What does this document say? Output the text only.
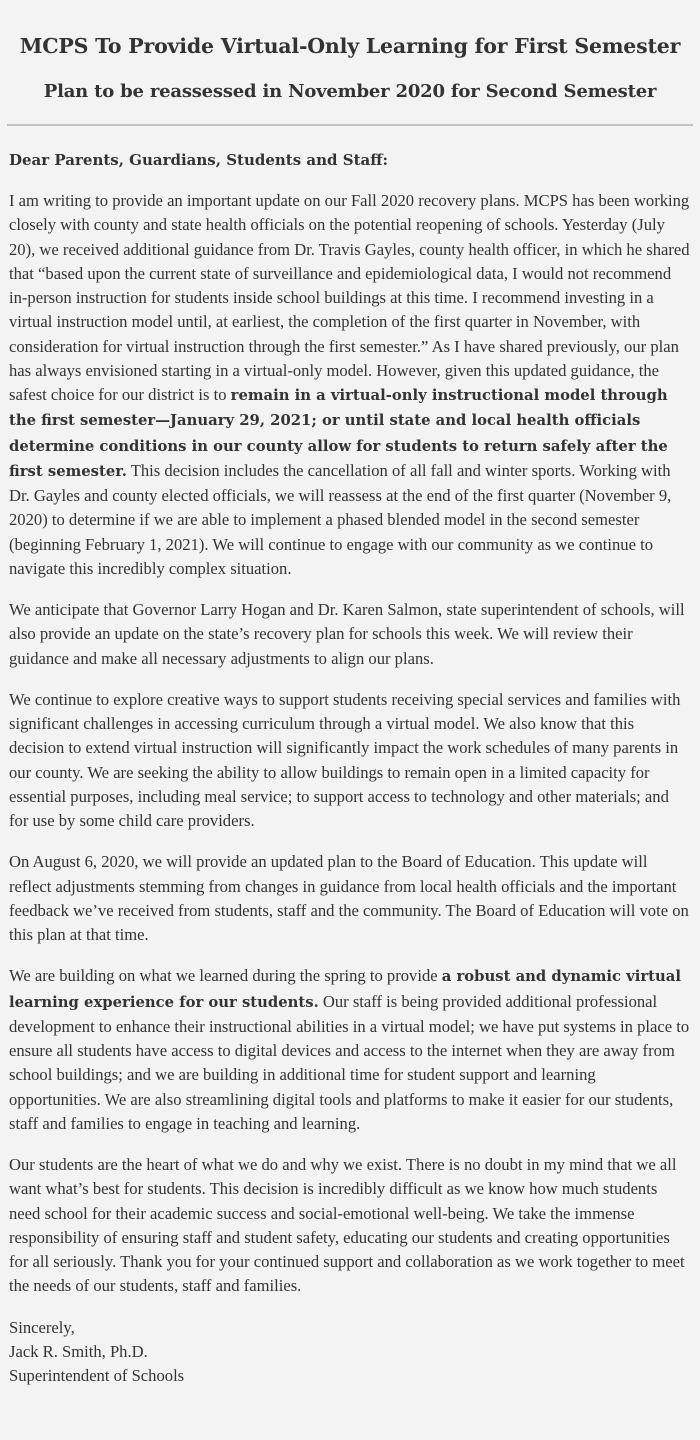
MCPS To Provide Virtual-Only Learning for First Semester
Plan to be reassessed in November 2020 for Second Semester
Dear Parents, Guardians, Students and Staff:

I am writing to provide an important update on our Fall 2020 recovery plans. MCPS has been working closely with county and state health officials on the potential reopening of schools. Yesterday (July 20), we received additional guidance from Dr. Travis Gayles, county health officer, in which he shared that “based upon the current state of surveillance and epidemiological data, I would not recommend in-person instruction for students inside school buildings at this time. I recommend investing in a virtual instruction model until, at earliest, the completion of the first quarter in November, with consideration for virtual instruction through the first semester.” As I have shared previously, our plan has always envisioned starting in a virtual-only model. However, given this updated guidance, the safest choice for our district is to remain in a virtual-only instructional model through the first semester—January 29, 2021; or until state and local health officials determine conditions in our county allow for students to return safely after the first semester. This decision includes the cancellation of all fall and winter sports. Working with Dr. Gayles and county elected officials, we will reassess at the end of the first quarter (November 9, 2020) to determine if we are able to implement a phased blended model in the second semester (beginning February 1, 2021). We will continue to engage with our community as we continue to navigate this incredibly complex situation.

We anticipate that Governor Larry Hogan and Dr. Karen Salmon, state superintendent of schools, will also provide an update on the state’s recovery plan for schools this week. We will review their guidance and make all necessary adjustments to align our plans.

We continue to explore creative ways to support students receiving special services and families with significant challenges in accessing curriculum through a virtual model. We also know that this decision to extend virtual instruction will significantly impact the work schedules of many parents in our county. We are seeking the ability to allow buildings to remain open in a limited capacity for essential purposes, including meal service; to support access to technology and other materials; and for use by some child care providers.

On August 6, 2020, we will provide an updated plan to the Board of Education. This update will reflect adjustments stemming from changes in guidance from local health officials and the important feedback we’ve received from students, staff and the community. The Board of Education will vote on this plan at that time.

We are building on what we learned during the spring to provide a robust and dynamic virtual learning experience for our students. Our staff is being provided additional professional development to enhance their instructional abilities in a virtual model; we have put systems in place to ensure all students have access to digital devices and access to the internet when they are away from school buildings; and we are building in additional time for student support and learning opportunities. We are also streamlining digital tools and platforms to make it easier for our students, staff and families to engage in teaching and learning.

Our students are the heart of what we do and why we exist. There is no doubt in my mind that we all want what’s best for students. This decision is incredibly difficult as we know how much students need school for their academic success and social-emotional well-being. We take the immense responsibility of ensuring staff and student safety, educating our students and creating opportunities for all seriously. Thank you for your continued support and collaboration as we work together to meet the needs of our students, staff and families.

Sincerely,
Jack R. Smith, Ph.D.
Superintendent of Schools
